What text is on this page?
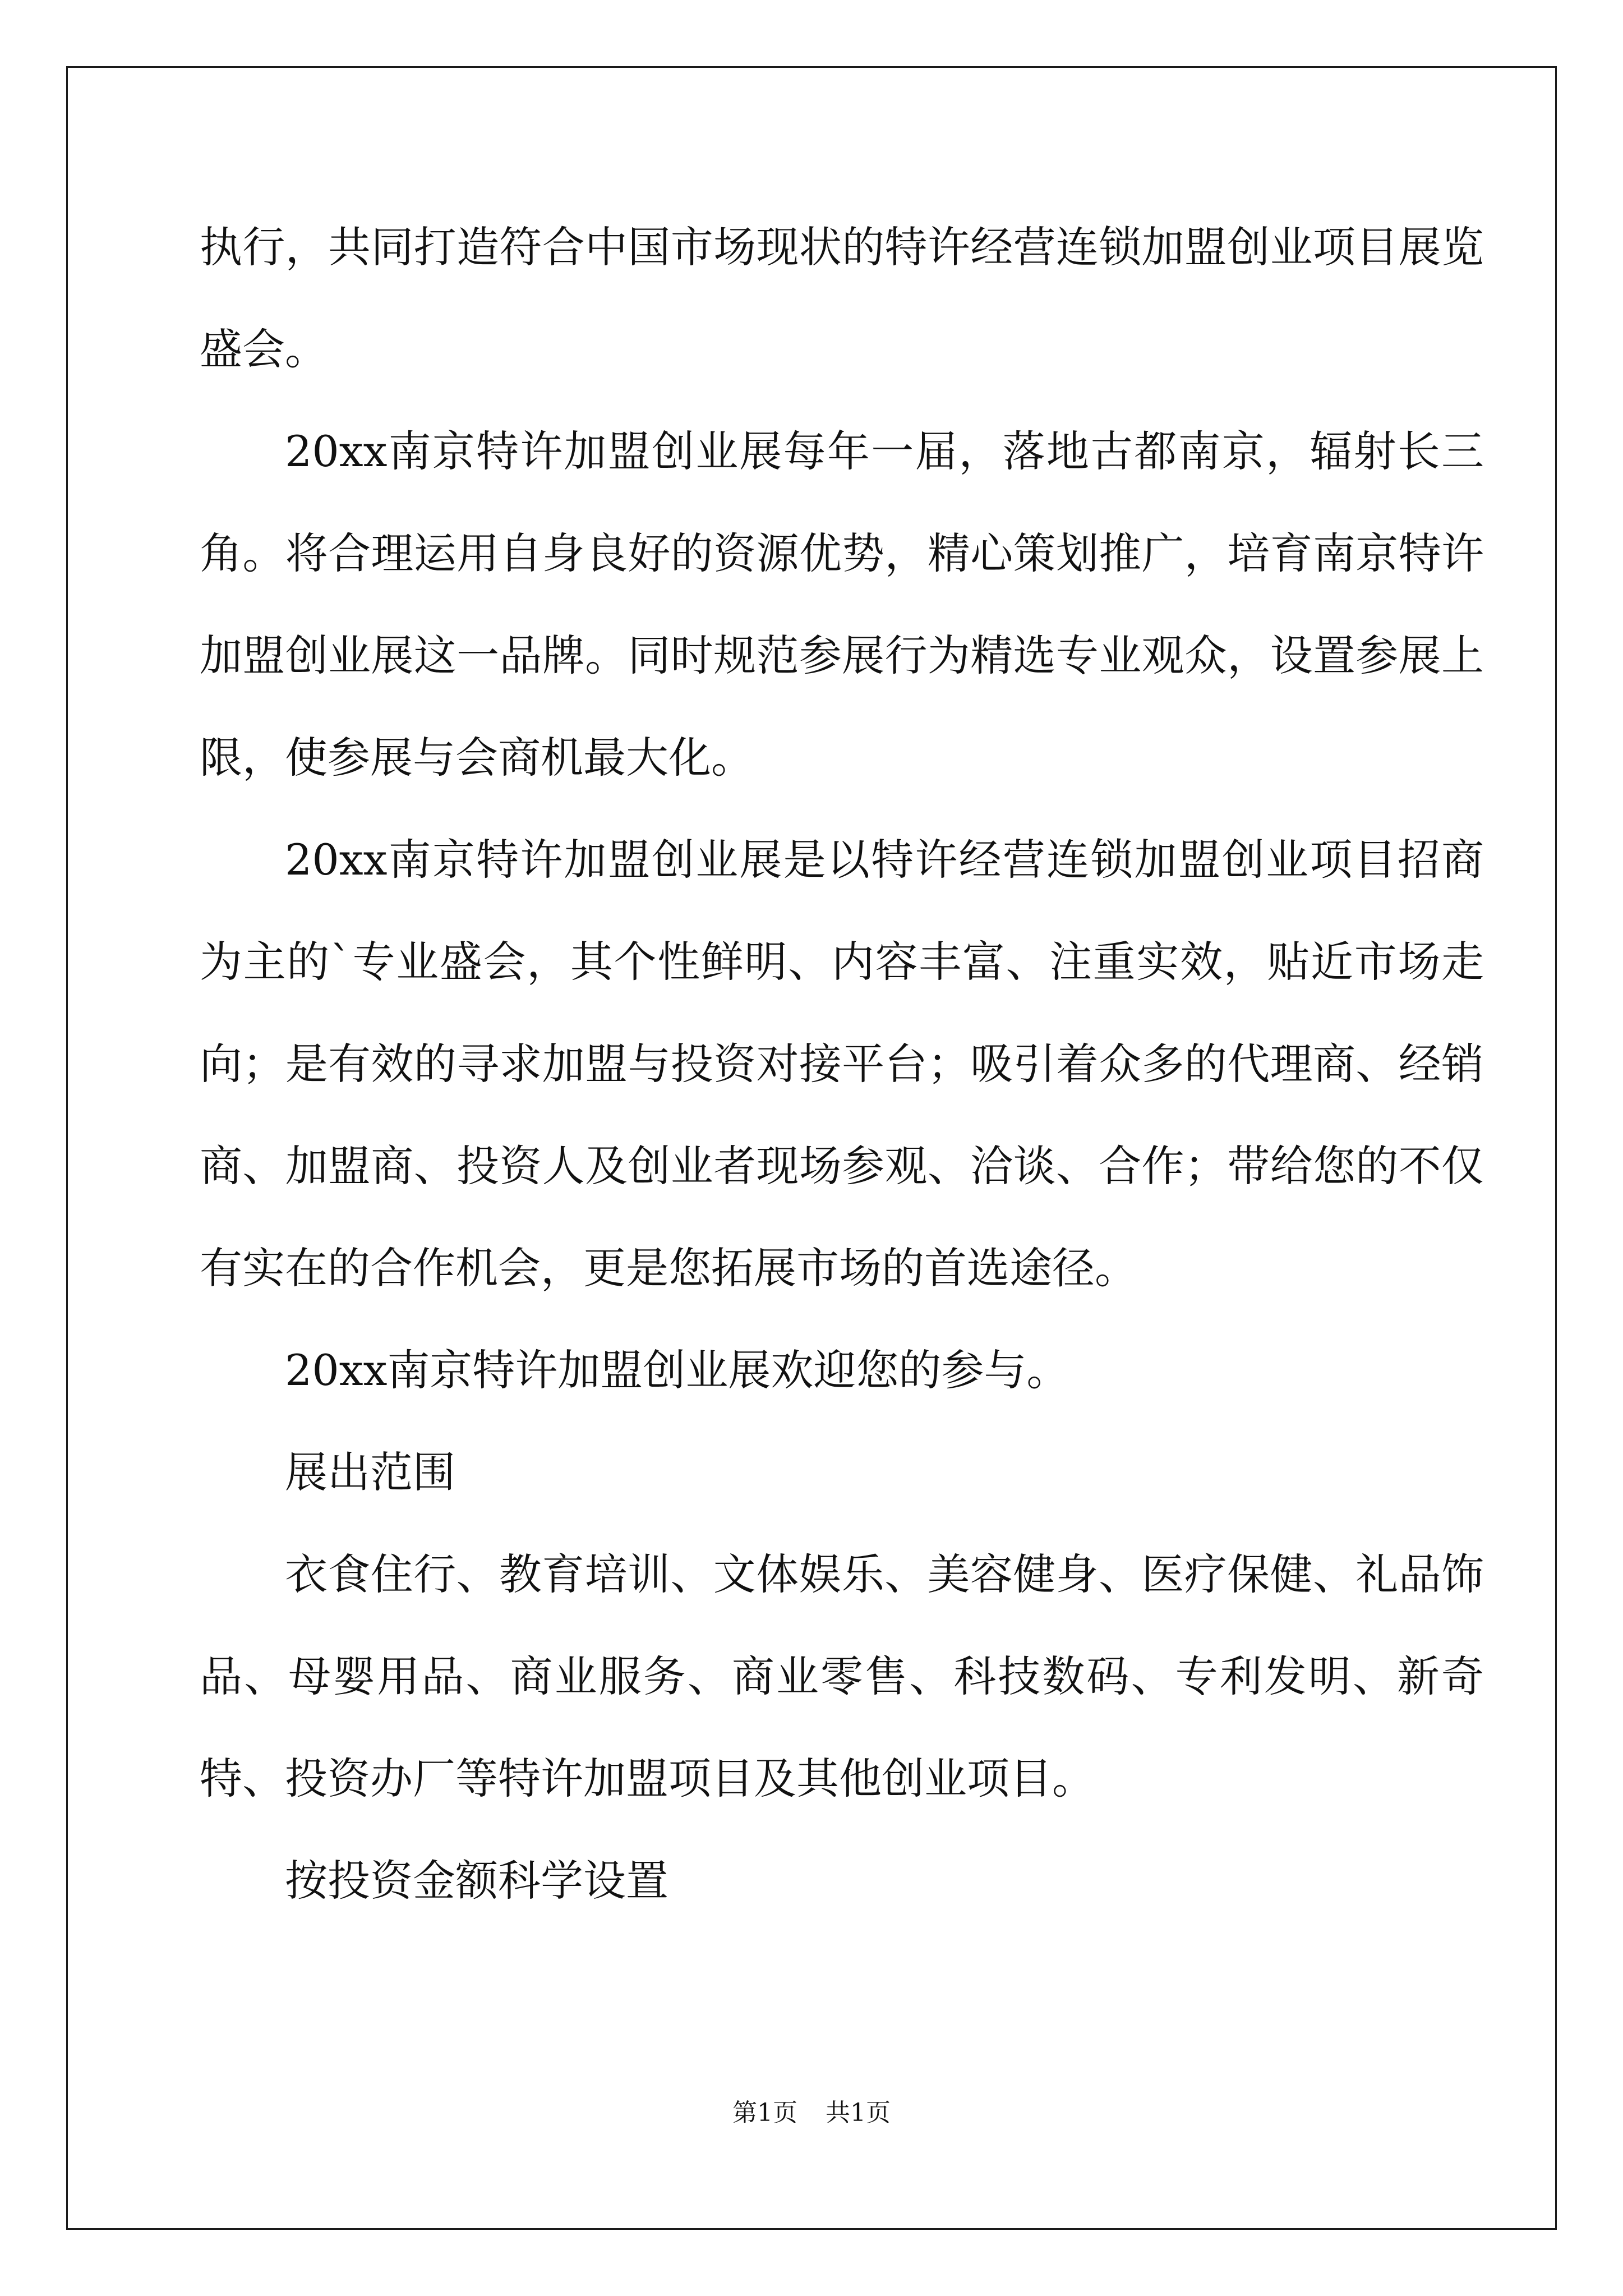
执行，共同打造符合中国市场现状的特许经营连锁加盟创业项目展览盛会。

20xx南京特许加盟创业展每年一届，落地古都南京，辐射长三角。将合理运用自身良好的资源优势，精心策划推广，培育南京特许加盟创业展这一品牌。同时规范参展行为精选专业观众，设置参展上限，使参展与会商机最大化。

20xx南京特许加盟创业展是以特许经营连锁加盟创业项目招商为主的`专业盛会，其个性鲜明、内容丰富、注重实效，贴近市场走向；是有效的寻求加盟与投资对接平台；吸引着众多的代理商、经销商、加盟商、投资人及创业者现场参观、洽谈、合作；带给您的不仅有实在的合作机会，更是您拓展市场的首选途径。

20xx南京特许加盟创业展欢迎您的参与。

展出范围

衣食住行、教育培训、文体娱乐、美容健身、医疗保健、礼品饰品、母婴用品、商业服务、商业零售、科技数码、专利发明、新奇特、投资办厂等特许加盟项目及其他创业项目。

按投资金额科学设置

第1页 共1页
